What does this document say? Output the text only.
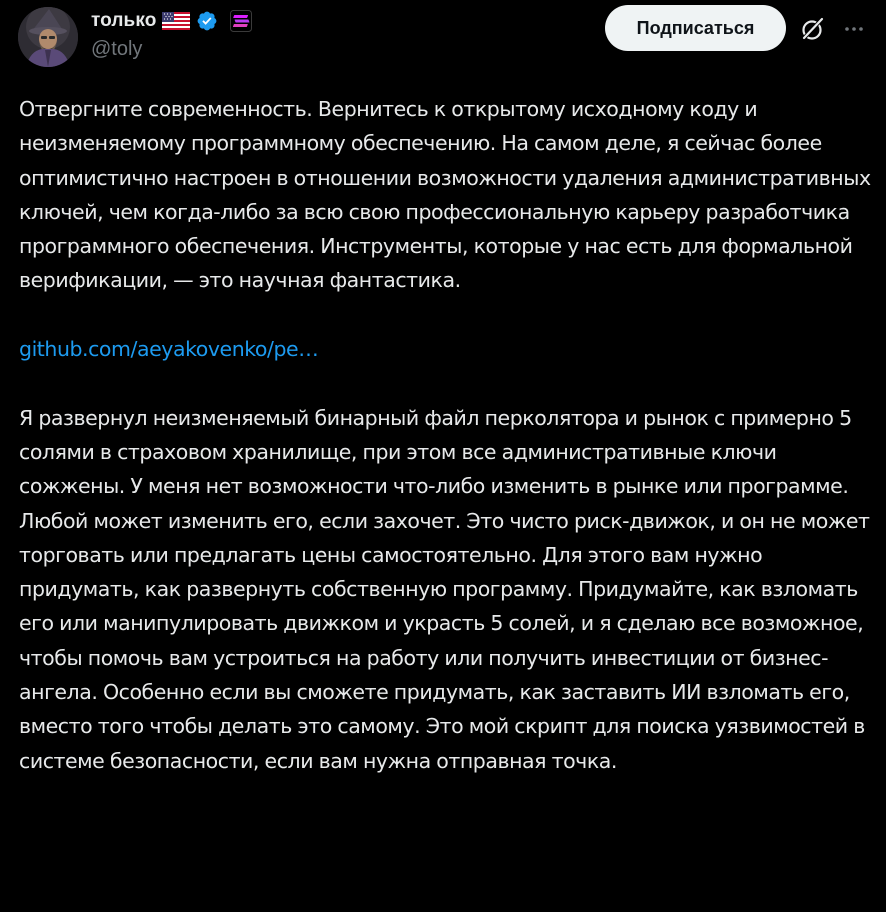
только
@toly
Подписаться

Отвергните современность. Вернитесь к открытому исходному коду и неизменяемому программному обеспечению. На самом деле, я сейчас более оптимистично настроен в отношении возможности удаления административных ключей, чем когда-либо за всю свою профессиональную карьеру разработчика программного обеспечения. Инструменты, которые у нас есть для формальной верификации, — это научная фантастика.

github.com/aeyakovenko/pe…

Я развернул неизменяемый бинарный файл перколятора и рынок с примерно 5 солями в страховом хранилище, при этом все административные ключи сожжены. У меня нет возможности что-либо изменить в рынке или программе. Любой может изменить его, если захочет. Это чисто риск-движок, и он не может торговать или предлагать цены самостоятельно. Для этого вам нужно придумать, как развернуть собственную программу. Придумайте, как взломать его или манипулировать движком и украсть 5 солей, и я сделаю все возможное, чтобы помочь вам устроиться на работу или получить инвестиции от бизнес-ангела. Особенно если вы сможете придумать, как заставить ИИ взломать его, вместо того чтобы делать это самому. Это мой скрипт для поиска уязвимостей в системе безопасности, если вам нужна отправная точка.
